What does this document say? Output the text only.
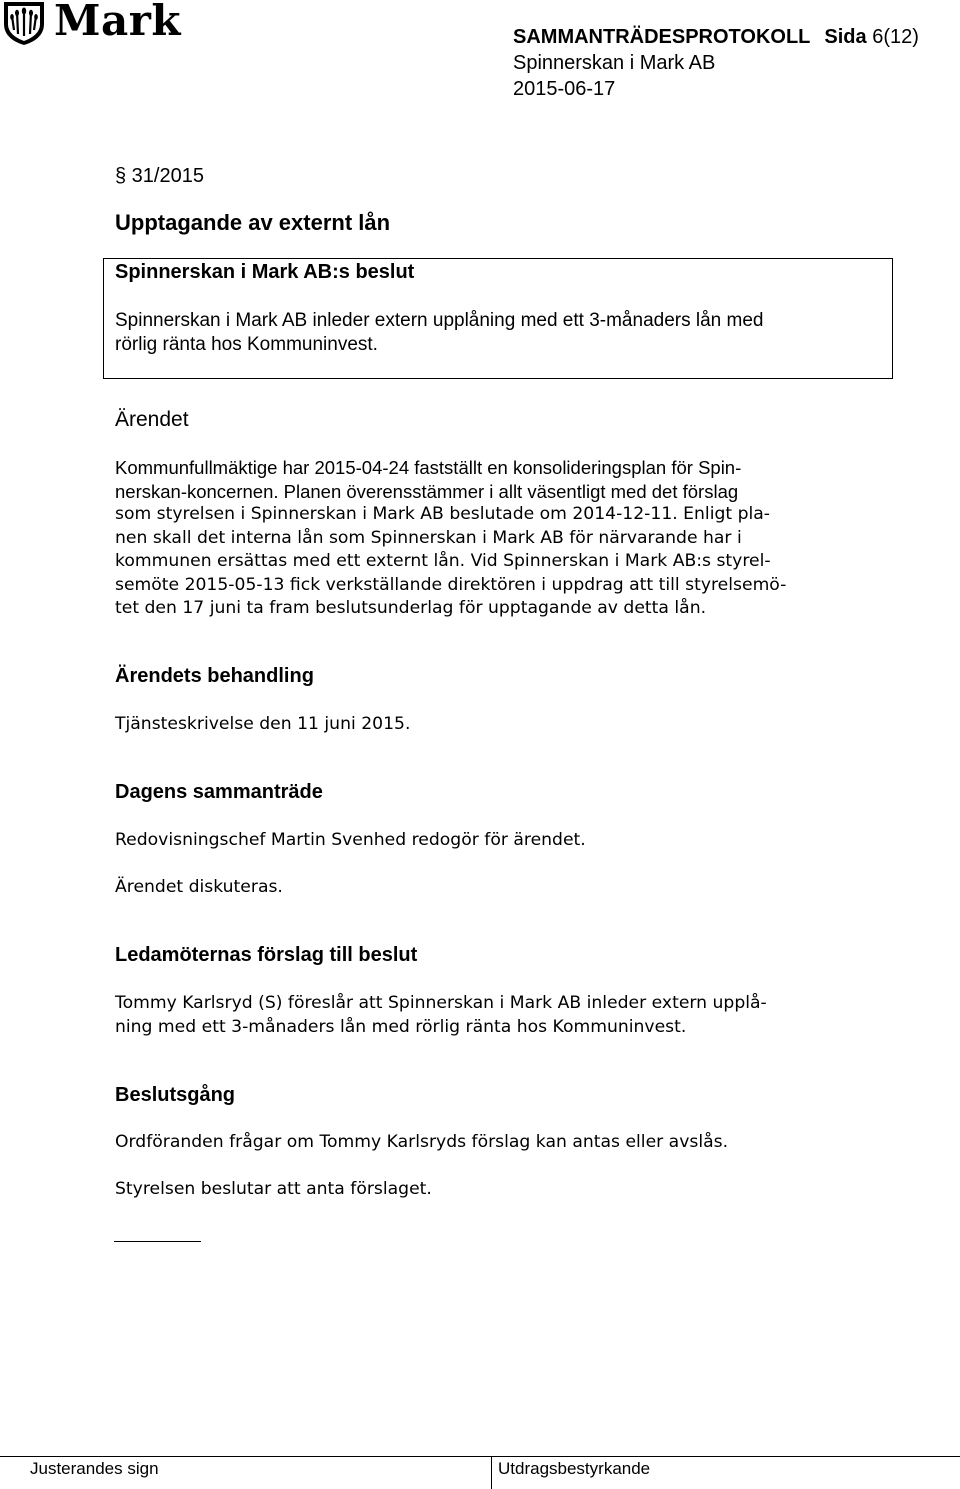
Mark	SAMMANTRÄDESPROTOKOLL Sida 6(12)
Spinnerskan i Mark AB
2015-06-17
§ 31/2015
Upptagande av externt lån
Spinnerskan i Mark AB:s beslut
Spinnerskan i Mark AB inleder extern upplåning med ett 3-månaders lån med
rörlig ränta hos Kommuninvest.
Ärendet
Kommunfullmäktige har 2015-04-24 fastställt en konsolideringsplan för Spin-
nerskan-koncernen. Planen överensstämmer i allt väsentligt med det förslag
som styrelsen i Spinnerskan i Mark AB beslutade om 2014-12-11. Enligt pla-
nen skall det interna lån som Spinnerskan i Mark AB för närvarande har i
kommunen ersättas med ett externt lån. Vid Spinnerskan i Mark AB:s styrel-
semöte 2015-05-13 fick verkställande direktören i uppdrag att till styrelsemö-
tet den 17 juni ta fram beslutsunderlag för upptagande av detta lån.
Ärendets behandling
Tjänsteskrivelse den 11 juni 2015.
Dagens sammanträde
Redovisningschef Martin Svenhed redogör för ärendet.
Ärendet diskuteras.
Ledamöternas förslag till beslut
Tommy Karlsryd (S) föreslår att Spinnerskan i Mark AB inleder extern upplå-
ning med ett 3-månaders lån med rörlig ränta hos Kommuninvest.
Beslutsgång
Ordföranden frågar om Tommy Karlsryds förslag kan antas eller avslås.
Styrelsen beslutar att anta förslaget.
Justerandes sign	Utdragsbestyrkande
